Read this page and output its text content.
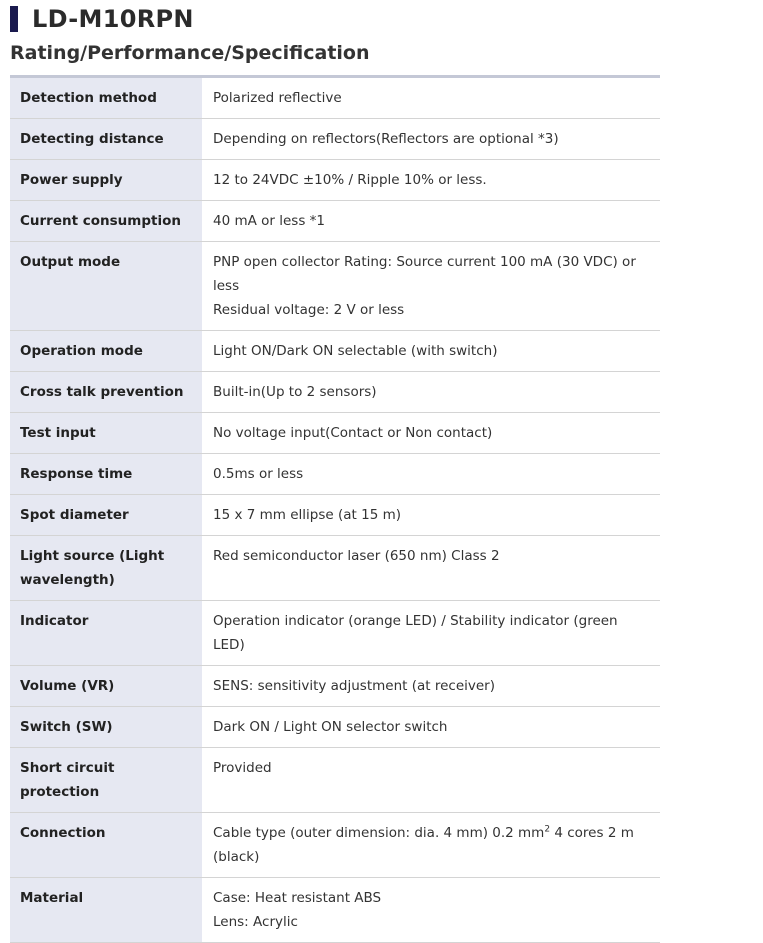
LD-M10RPN
Rating/Performance/Specification
Detection method	Polarized reflective

Detecting distance	Depending on reflectors(Reflectors are optional *3)

Power supply	12 to 24VDC ±10% / Ripple 10% or less.

Current consumption	40 mA or less *1

Output mode	PNP open collector Rating: Source current 100 mA (30 VDC) or less
Residual voltage: 2 V or less

Operation mode	Light ON/Dark ON selectable (with switch)

Cross talk prevention	Built-in(Up to 2 sensors)

Test input	No voltage input(Contact or Non contact)

Response time	0.5ms or less

Spot diameter	15 x 7 mm ellipse (at 15 m)

Light source (Light wavelength)	Red semiconductor laser (650 nm) Class 2

Indicator	Operation indicator (orange LED) / Stability indicator (green LED)

Volume (VR)	SENS: sensitivity adjustment (at receiver)

Switch (SW)	Dark ON / Light ON selector switch

Short circuit protection	Provided

Connection	Cable type (outer dimension: dia. 4 mm) 0.2 $mm^2$ 4 cores 2 m (black)
Material	Case: Heat resistant ABS
Lens: Acrylic
